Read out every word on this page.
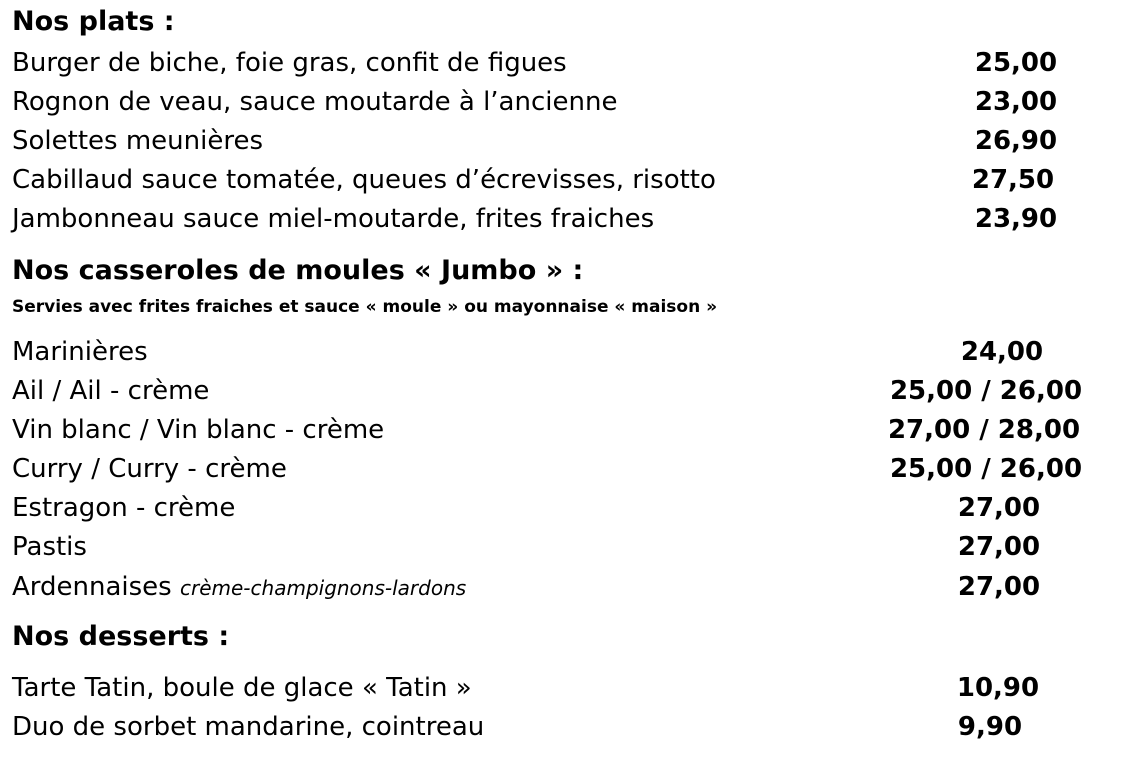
Nos plats :
Burger de biche, foie gras, confit de figues	25,00
Rognon de veau, sauce moutarde à l’ancienne	23,00
Solettes meunières	26,90
Cabillaud sauce tomatée, queues d’écrevisses, risotto	27,50
Jambonneau sauce miel-moutarde, frites fraiches	23,90
Nos casseroles de moules « Jumbo » :
Servies avec frites fraiches et sauce « moule » ou mayonnaise « maison »
Marinières	24,00
Ail / Ail - crème	25,00 / 26,00
Vin blanc / Vin blanc - crème	27,00 / 28,00
Curry / Curry - crème	25,00 / 26,00
Estragon - crème	27,00
Pastis	27,00
Ardennaises crème-champignons-lardons	27,00
Nos desserts :
Tarte Tatin, boule de glace « Tatin »	10,90
Duo de sorbet mandarine, cointreau	9,90
